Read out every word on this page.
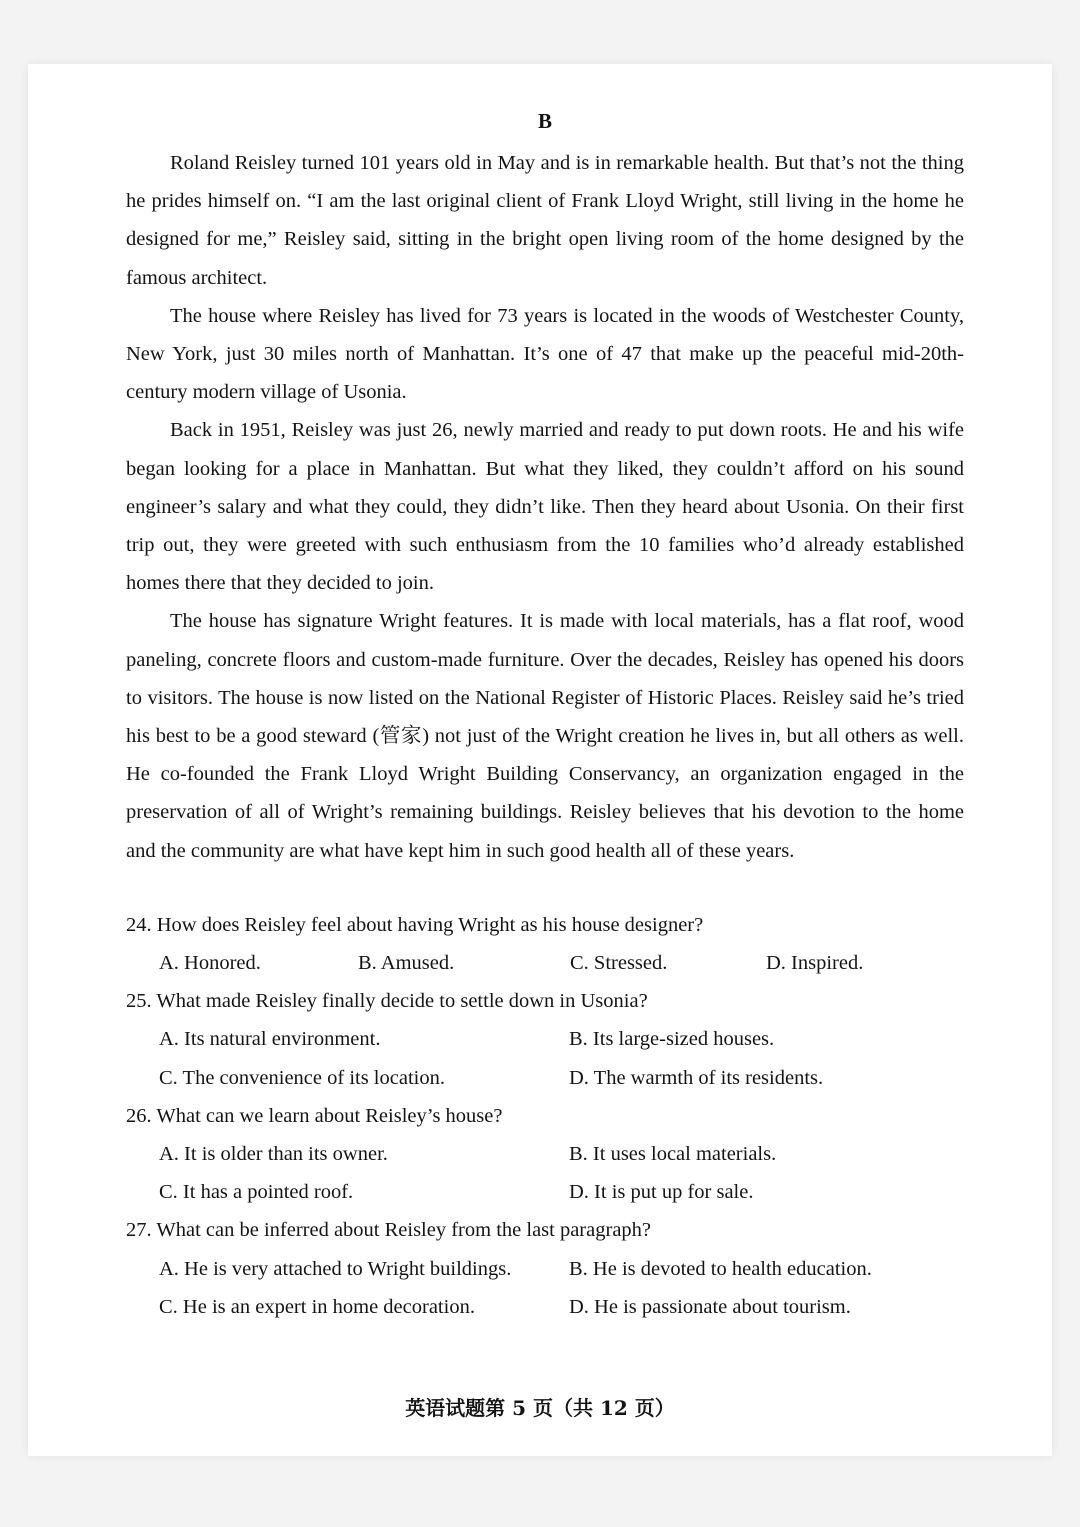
B

Roland Reisley turned 101 years old in May and is in remarkable health. But that’s not the thing he prides himself on. “I am the last original client of Frank Lloyd Wright, still living in the home he designed for me,” Reisley said, sitting in the bright open living room of the home designed by the famous architect.

The house where Reisley has lived for 73 years is located in the woods of Westchester County, New York, just 30 miles north of Manhattan. It’s one of 47 that make up the peaceful mid-20th-century modern village of Usonia.

Back in 1951, Reisley was just 26, newly married and ready to put down roots. He and his wife began looking for a place in Manhattan. But what they liked, they couldn’t afford on his sound engineer’s salary and what they could, they didn’t like. Then they heard about Usonia. On their first trip out, they were greeted with such enthusiasm from the 10 families who’d already established homes there that they decided to join.

The house has signature Wright features. It is made with local materials, has a flat roof, wood paneling, concrete floors and custom-made furniture. Over the decades, Reisley has opened his doors to visitors. The house is now listed on the National Register of Historic Places. Reisley said he’s tried his best to be a good steward (管家) not just of the Wright creation he lives in, but all others as well. He co-founded the Frank Lloyd Wright Building Conservancy, an organization engaged in the preservation of all of Wright’s remaining buildings. Reisley believes that his devotion to the home and the community are what have kept him in such good health all of these years.

24. How does Reisley feel about having Wright as his house designer?

A. Honored.	B. Amused.	C. Stressed.	D. Inspired.

25. What made Reisley finally decide to settle down in Usonia?

A. Its natural environment.	B. Its large-sized houses.
C. The convenience of its location.	D. The warmth of its residents.

26. What can we learn about Reisley’s house?

A. It is older than its owner.	B. It uses local materials.
C. It has a pointed roof.	D. It is put up for sale.

27. What can be inferred about Reisley from the last paragraph?

A. He is very attached to Wright buildings.	B. He is devoted to health education.
C. He is an expert in home decoration.	D. He is passionate about tourism.
英语试题第 5 页（共 12 页）
